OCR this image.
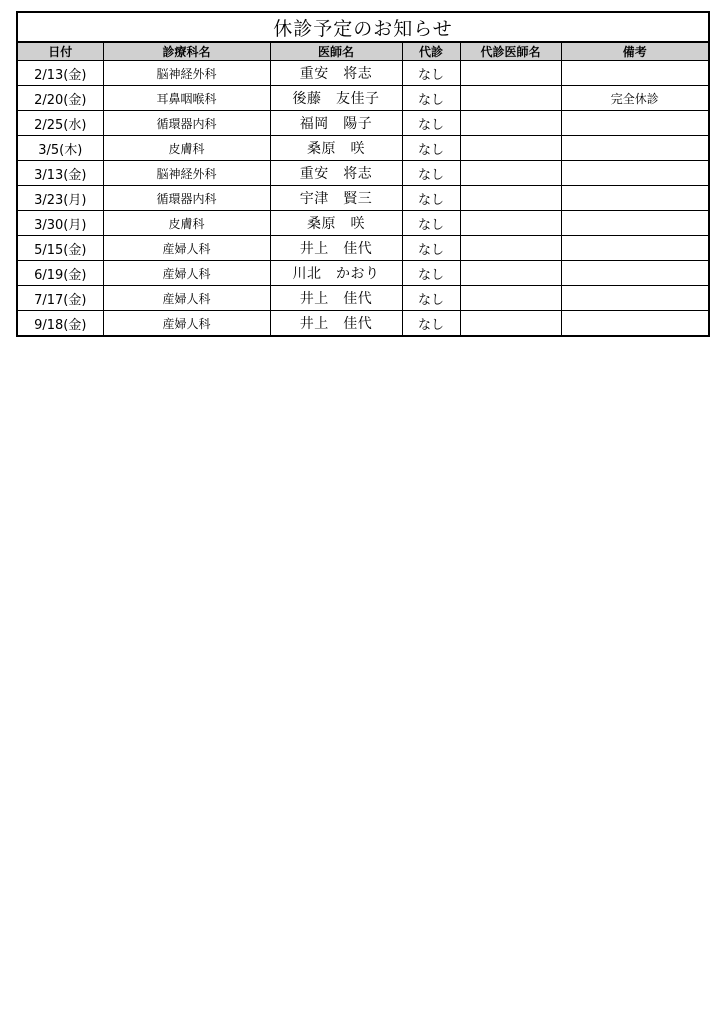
休診予定のお知らせ					
日付	診療科名	医師名	代診	代診医師名	備考
2/13(金)	脳神経外科	重安　将志	なし		
2/20(金)	耳鼻咽喉科	後藤　友佳子	なし		完全休診
2/25(水)	循環器内科	福岡　陽子	なし		
3/5(木)	皮膚科	桑原　咲	なし		
3/13(金)	脳神経外科	重安　将志	なし		
3/23(月)	循環器内科	宇津　賢三	なし		
3/30(月)	皮膚科	桑原　咲	なし		
5/15(金)	産婦人科	井上　佳代	なし		
6/19(金)	産婦人科	川北　かおり	なし		
7/17(金)	産婦人科	井上　佳代	なし		
9/18(金)	産婦人科	井上　佳代	なし		
